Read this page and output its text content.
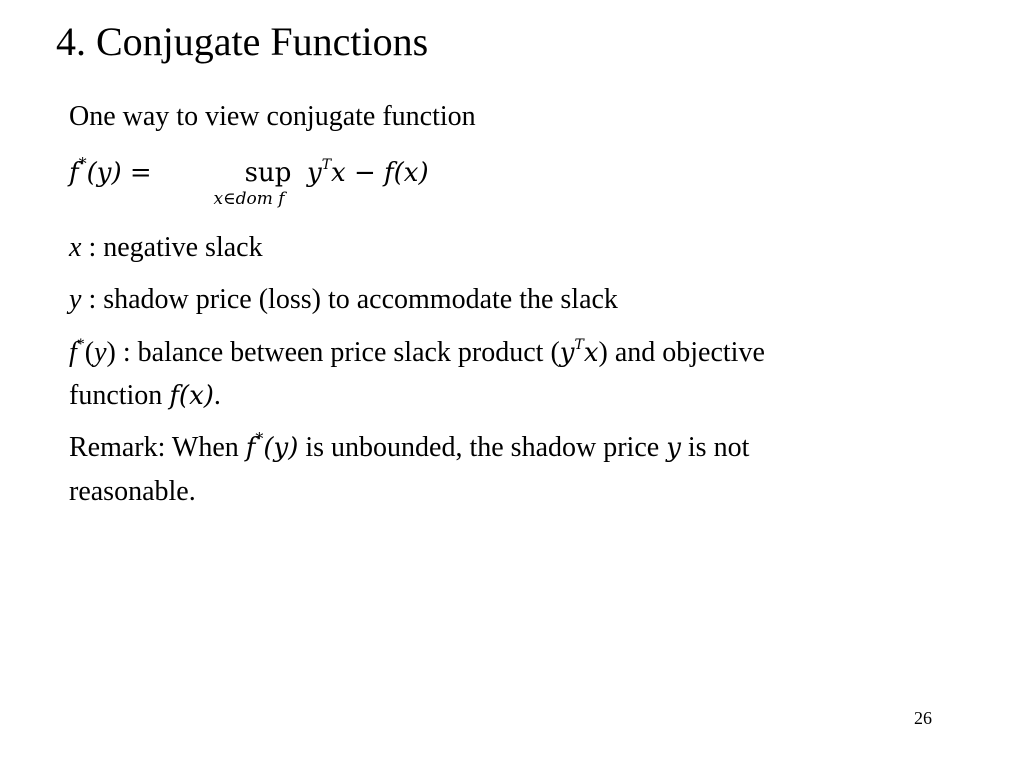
4. Conjugate Functions
One way to view conjugate function
f*(y) =	sup
x∈dom f
$y^Tx - f(x)$
x : negative slack
y : shadow price (loss) to accommodate the slack
f*(y) : balance between price slack product $(y^Tx)$ and objective
function f(x).
Remark: When f*(y) is unbounded, the shadow price y is not
reasonable.
26
